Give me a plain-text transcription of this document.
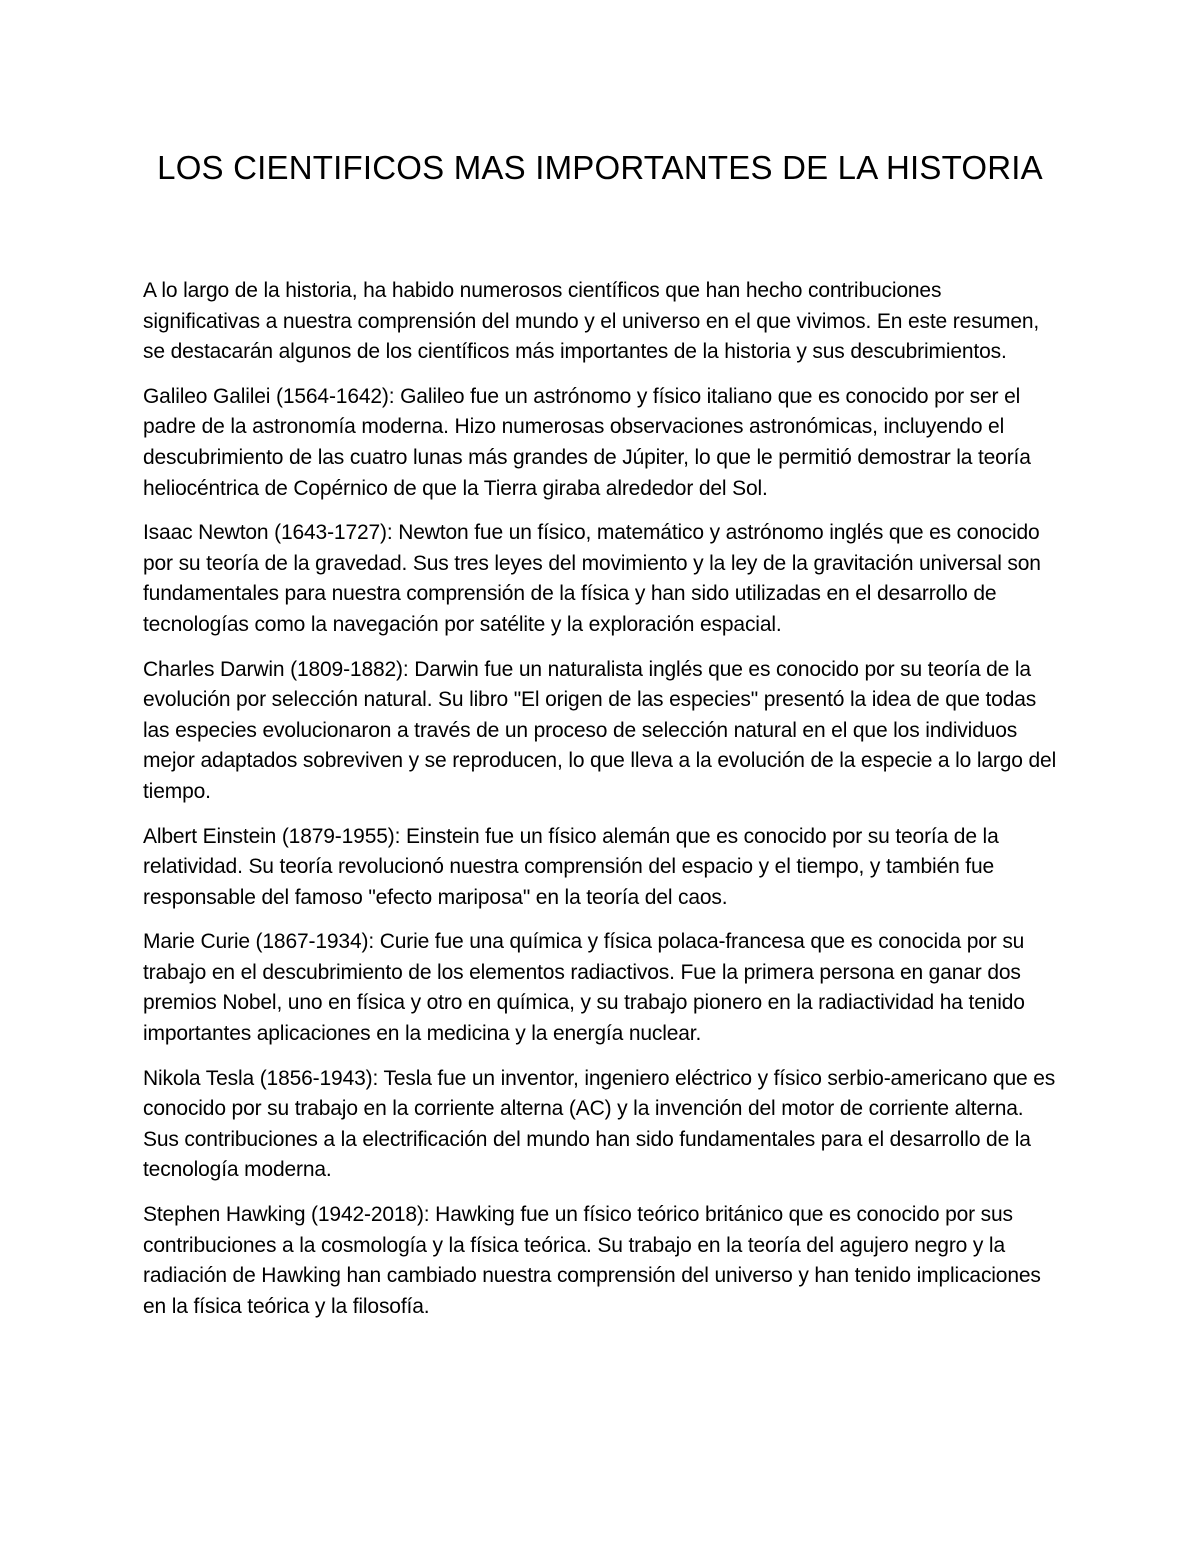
LOS CIENTIFICOS MAS IMPORTANTES DE LA HISTORIA

A lo largo de la historia, ha habido numerosos científicos que han hecho contribuciones significativas a nuestra comprensión del mundo y el universo en el que vivimos. En este resumen, se destacarán algunos de los científicos más importantes de la historia y sus descubrimientos.

Galileo Galilei (1564-1642): Galileo fue un astrónomo y físico italiano que es conocido por ser el padre de la astronomía moderna. Hizo numerosas observaciones astronómicas, incluyendo el descubrimiento de las cuatro lunas más grandes de Júpiter, lo que le permitió demostrar la teoría heliocéntrica de Copérnico de que la Tierra giraba alrededor del Sol.

Isaac Newton (1643-1727): Newton fue un físico, matemático y astrónomo inglés que es conocido por su teoría de la gravedad. Sus tres leyes del movimiento y la ley de la gravitación universal son fundamentales para nuestra comprensión de la física y han sido utilizadas en el desarrollo de tecnologías como la navegación por satélite y la exploración espacial.

Charles Darwin (1809-1882): Darwin fue un naturalista inglés que es conocido por su teoría de la evolución por selección natural. Su libro "El origen de las especies" presentó la idea de que todas las especies evolucionaron a través de un proceso de selección natural en el que los individuos mejor adaptados sobreviven y se reproducen, lo que lleva a la evolución de la especie a lo largo del tiempo.

Albert Einstein (1879-1955): Einstein fue un físico alemán que es conocido por su teoría de la relatividad. Su teoría revolucionó nuestra comprensión del espacio y el tiempo, y también fue responsable del famoso "efecto mariposa" en la teoría del caos.

Marie Curie (1867-1934): Curie fue una química y física polaca-francesa que es conocida por su trabajo en el descubrimiento de los elementos radiactivos. Fue la primera persona en ganar dos premios Nobel, uno en física y otro en química, y su trabajo pionero en la radiactividad ha tenido importantes aplicaciones en la medicina y la energía nuclear.

Nikola Tesla (1856-1943): Tesla fue un inventor, ingeniero eléctrico y físico serbio-americano que es conocido por su trabajo en la corriente alterna (AC) y la invención del motor de corriente alterna. Sus contribuciones a la electrificación del mundo han sido fundamentales para el desarrollo de la tecnología moderna.

Stephen Hawking (1942-2018): Hawking fue un físico teórico británico que es conocido por sus contribuciones a la cosmología y la física teórica. Su trabajo en la teoría del agujero negro y la radiación de Hawking han cambiado nuestra comprensión del universo y han tenido implicaciones en la física teórica y la filosofía.
